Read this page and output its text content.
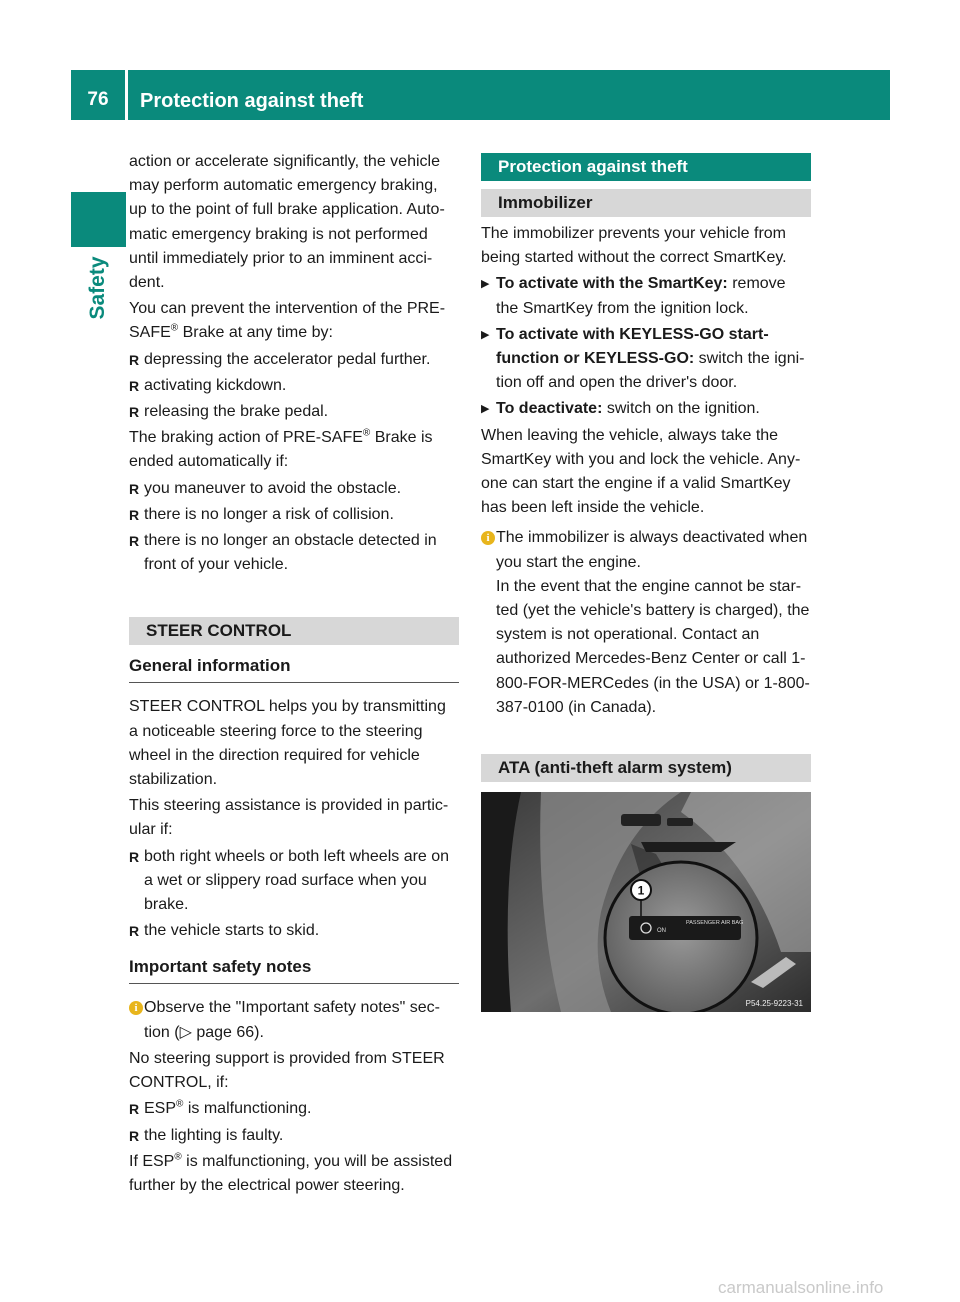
76	Protection against theft
Safety

action or accelerate significantly, the vehicle may perform automatic emergency braking, up to the point of full brake application. Auto-matic emergency braking is not performed until immediately prior to an imminent acci-dent.

You can prevent the intervention of the PRE-SAFE® Brake at any time by:

R depressing the accelerator pedal further.

R activating kickdown.

R releasing the brake pedal.

The braking action of PRE-SAFE® Brake is ended automatically if:

R you maneuver to avoid the obstacle.

R there is no longer a risk of collision.

R there is no longer an obstacle detected in front of your vehicle.

STEER CONTROL
General information

STEER CONTROL helps you by transmitting a noticeable steering force to the steering wheel in the direction required for vehicle stabilization.

This steering assistance is provided in partic-ular if:

R both right wheels or both left wheels are on a wet or slippery road surface when you brake.

R the vehicle starts to skid.

Important safety notes

i Observe the "Important safety notes" sec-tion (▷ page 66).

No steering support is provided from STEER CONTROL, if:

R ESP® is malfunctioning.

R the lighting is faulty.

If ESP® is malfunctioning, you will be assisted further by the electrical power steering.

Protection against theft
Immobilizer

The immobilizer prevents your vehicle from being started without the correct SmartKey.

▶ To activate with the SmartKey: remove the SmartKey from the ignition lock.

▶ To activate with KEYLESS-GO start-function or KEYLESS-GO: switch the igni-tion off and open the driver's door.

▶ To deactivate: switch on the ignition.

When leaving the vehicle, always take the SmartKey with you and lock the vehicle. Any-one can start the engine if a valid SmartKey has been left inside the vehicle.

i The immobilizer is always deactivated when you start the engine.

In the event that the engine cannot be star-ted (yet the vehicle's battery is charged), the system is not operational. Contact an authorized Mercedes-Benz Center or call 1-800-FOR-MERCedes (in the USA) or 1-800-387-0100 (in Canada).

ATA (anti-theft alarm system)
ON
PASSENGER AIR BAG
1
P54.25-9223-31
carmanualsonline.info
